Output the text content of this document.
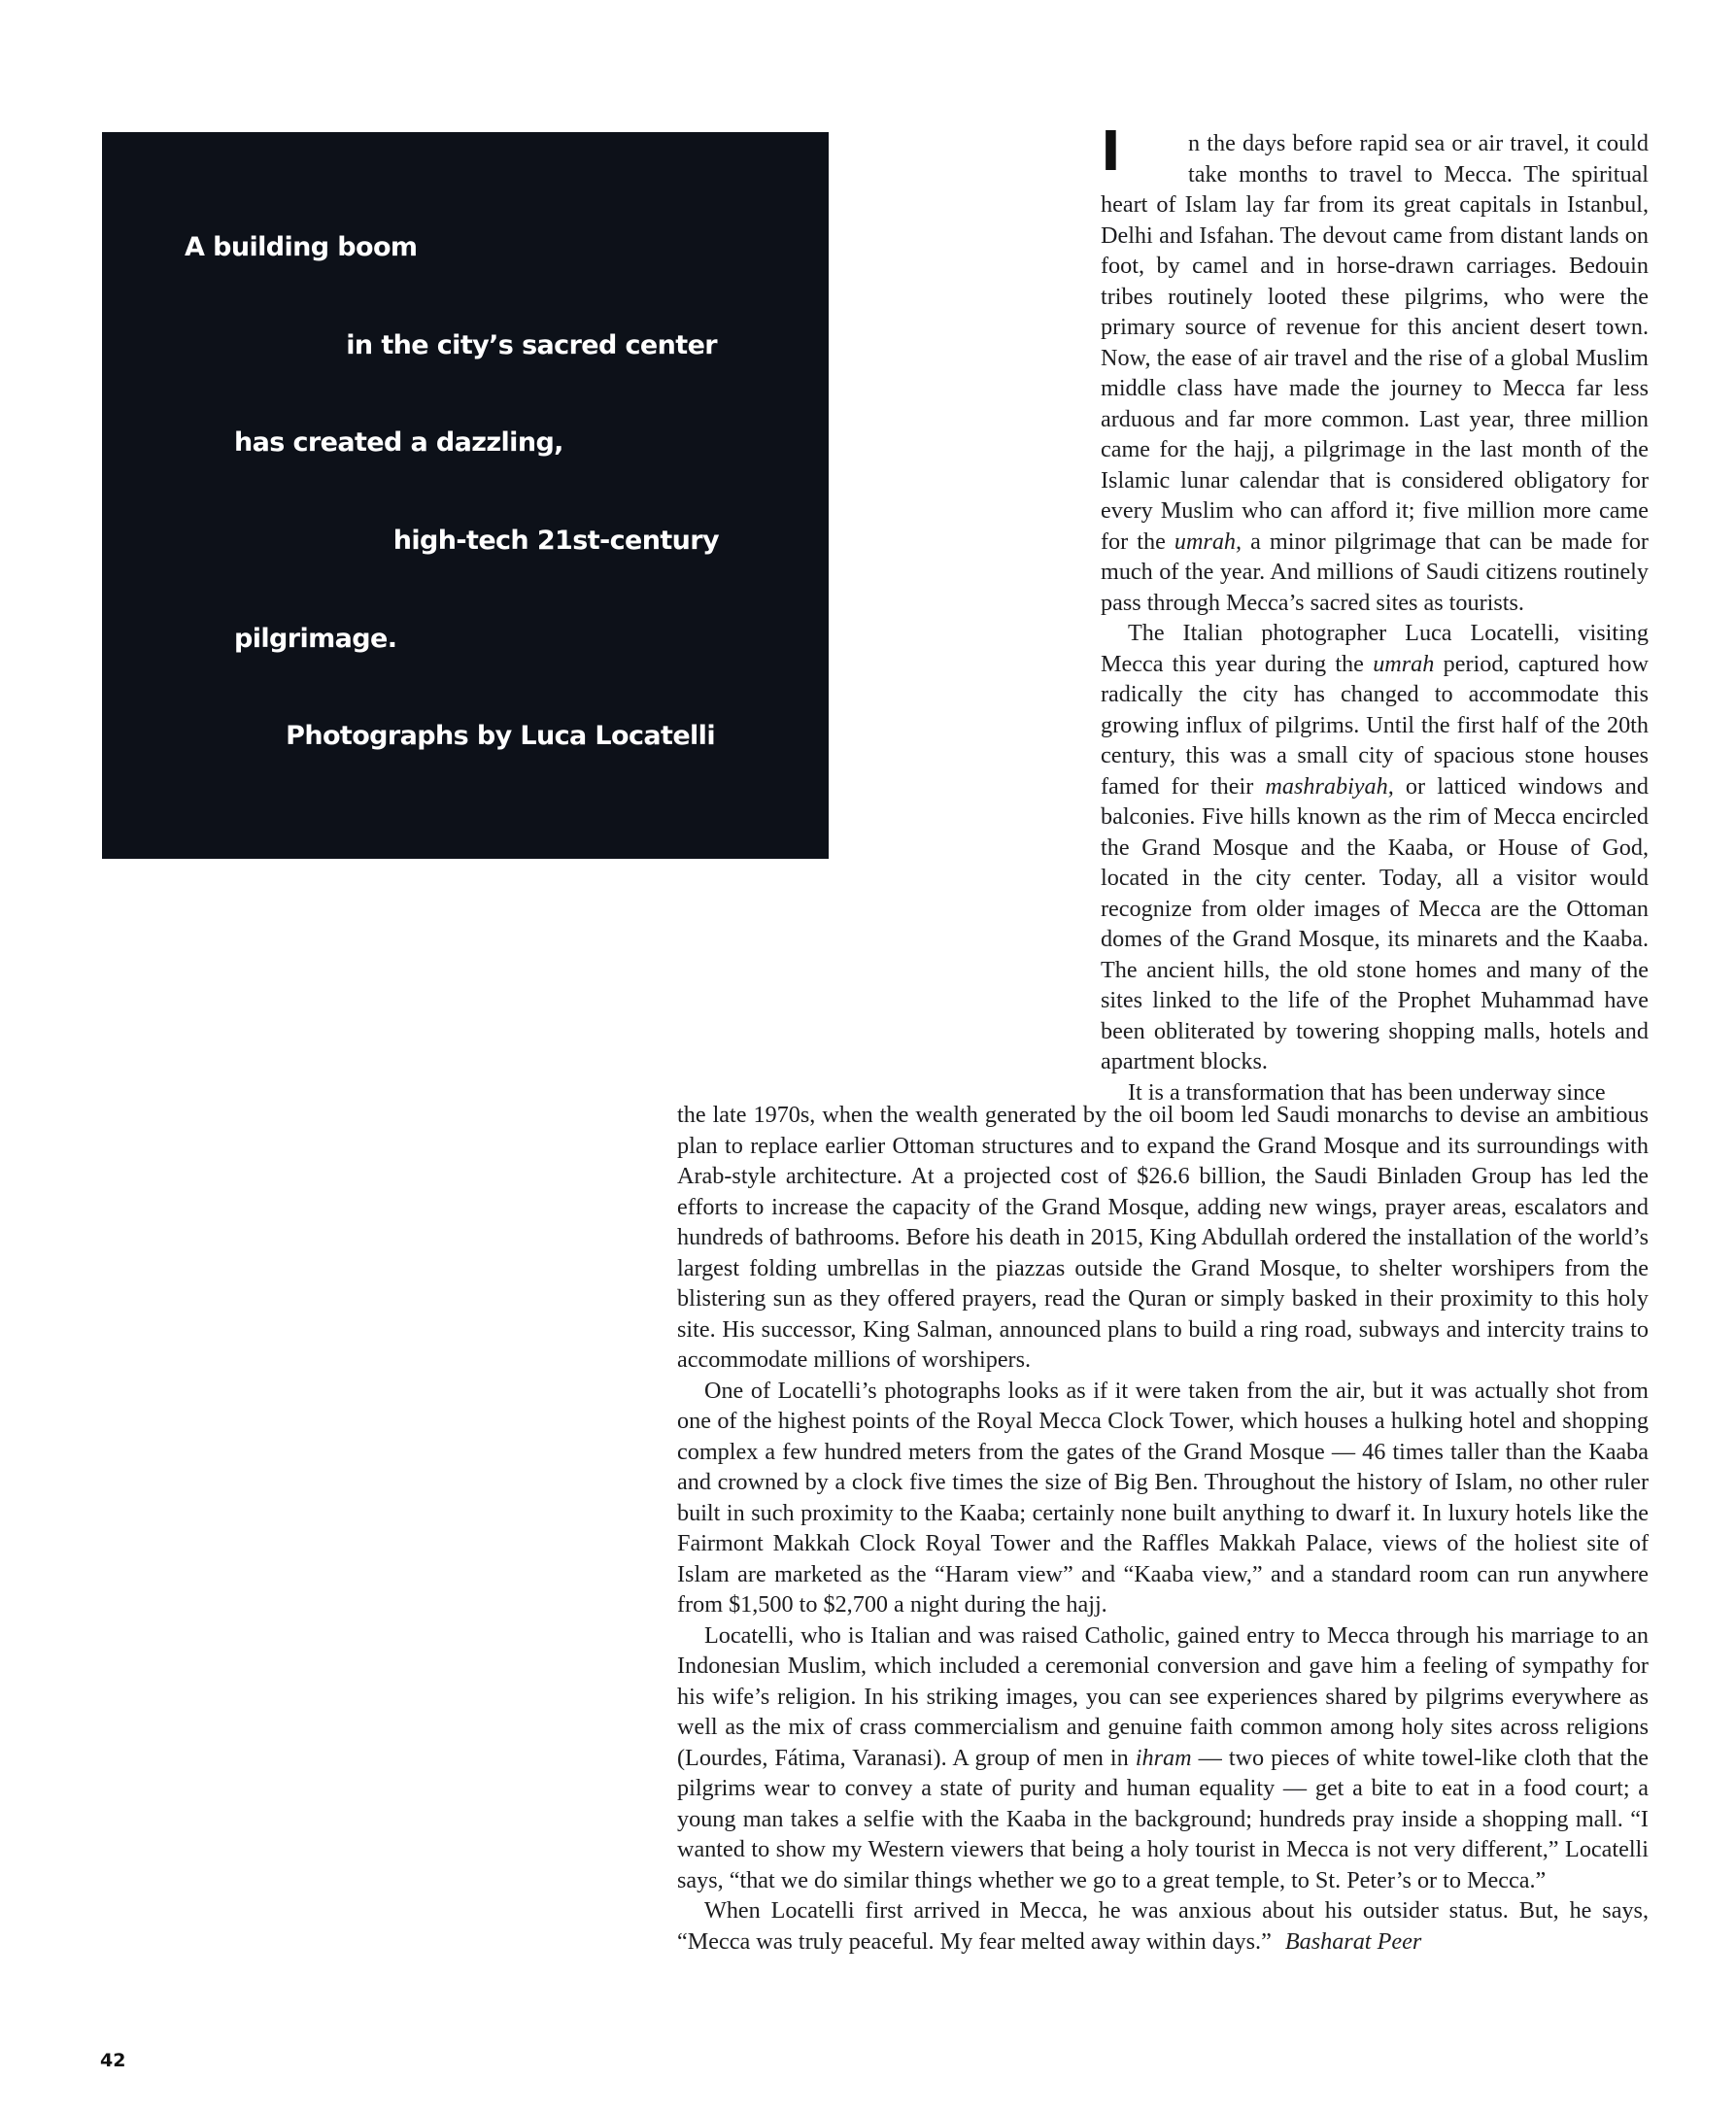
A building boom
in the city’s sacred center
has created a dazzling,
high-tech 21st-century
pilgrimage.
Photographs by Luca Locatelli

I	n the days before rapid sea or air travel, it could take months to travel to Mecca. The spiritual heart of Islam lay far from its great capitals in Istanbul, Delhi and Isfahan. The devout came from distant lands on foot, by camel and in horse-drawn carriages. Bedouin tribes routinely looted these pilgrims, who were the primary source of revenue for this ancient desert town. Now, the ease of air travel and the rise of a global Muslim middle class have made the journey to Mecca far less arduous and far more common. Last year, three million came for the hajj, a pilgrimage in the last month of the Islamic lunar calendar that is considered obligatory for every Muslim who can afford it; five million more came for the umrah, a minor pilgrimage that can be made for much of the year. And millions of Saudi citizens routinely pass through Mecca’s sacred sites as tourists.

The Italian photographer Luca Locatelli, visiting Mecca this year during the umrah period, captured how radically the city has changed to accommodate this growing influx of pilgrims. Until the first half of the 20th century, this was a small city of spacious stone houses famed for their mashrabiyah, or latticed windows and balconies. Five hills known as the rim of Mecca encircled the Grand Mosque and the Kaaba, or House of God, located in the city center. Today, all a visitor would recognize from older images of Mecca are the Ottoman domes of the Grand Mosque, its minarets and the Kaaba. The ancient hills, the old stone homes and many of the sites linked to the life of the Prophet Muhammad have been obliterated by towering shopping malls, hotels and apartment blocks.

It is a transformation that has been underway since

the late 1970s, when the wealth generated by the oil boom led Saudi monarchs to devise an ambitious plan to replace earlier Ottoman structures and to expand the Grand Mosque and its surroundings with Arab-style architecture. At a projected cost of $26.6 billion, the Saudi Binladen Group has led the efforts to increase the capacity of the Grand Mosque, adding new wings, prayer areas, escalators and hundreds of bathrooms. Before his death in 2015, King Abdullah ordered the installation of the world’s largest folding umbrellas in the piazzas outside the Grand Mosque, to shelter worshipers from the blistering sun as they offered prayers, read the Quran or simply basked in their proximity to this holy site. His successor, King Salman, announced plans to build a ring road, subways and intercity trains to accommodate millions of worshipers.

One of Locatelli’s photographs looks as if it were taken from the air, but it was actually shot from one of the highest points of the Royal Mecca Clock Tower, which houses a hulking hotel and shopping complex a few hundred meters from the gates of the Grand Mosque — 46 times taller than the Kaaba and crowned by a clock five times the size of Big Ben. Throughout the history of Islam, no other ruler built in such proximity to the Kaaba; certainly none built anything to dwarf it. In luxury hotels like the Fairmont Makkah Clock Royal Tower and the Raffles Makkah Palace, views of the holiest site of Islam are marketed as the “Haram view” and “Kaaba view,” and a standard room can run anywhere from $1,500 to $2,700 a night during the hajj.

Locatelli, who is Italian and was raised Catholic, gained entry to Mecca through his marriage to an Indonesian Muslim, which included a ceremonial conversion and gave him a feeling of sympathy for his wife’s religion. In his striking images, you can see experiences shared by pilgrims everywhere as well as the mix of crass commercialism and genuine faith common among holy sites across religions (Lourdes, Fátima, Varanasi). A group of men in ihram — two pieces of white towel-like cloth that the pilgrims wear to convey a state of purity and human equality — get a bite to eat in a food court; a young man takes a selfie with the Kaaba in the background; hundreds pray inside a shopping mall. “I wanted to show my Western viewers that being a holy tourist in Mecca is not very different,” Locatelli says, “that we do similar things whether we go to a great temple, to St. Peter’s or to Mecca.”

When Locatelli first arrived in Mecca, he was anxious about his outsider status. But, he says, “Mecca was truly peaceful. My fear melted away within days.” Basharat Peer

42
